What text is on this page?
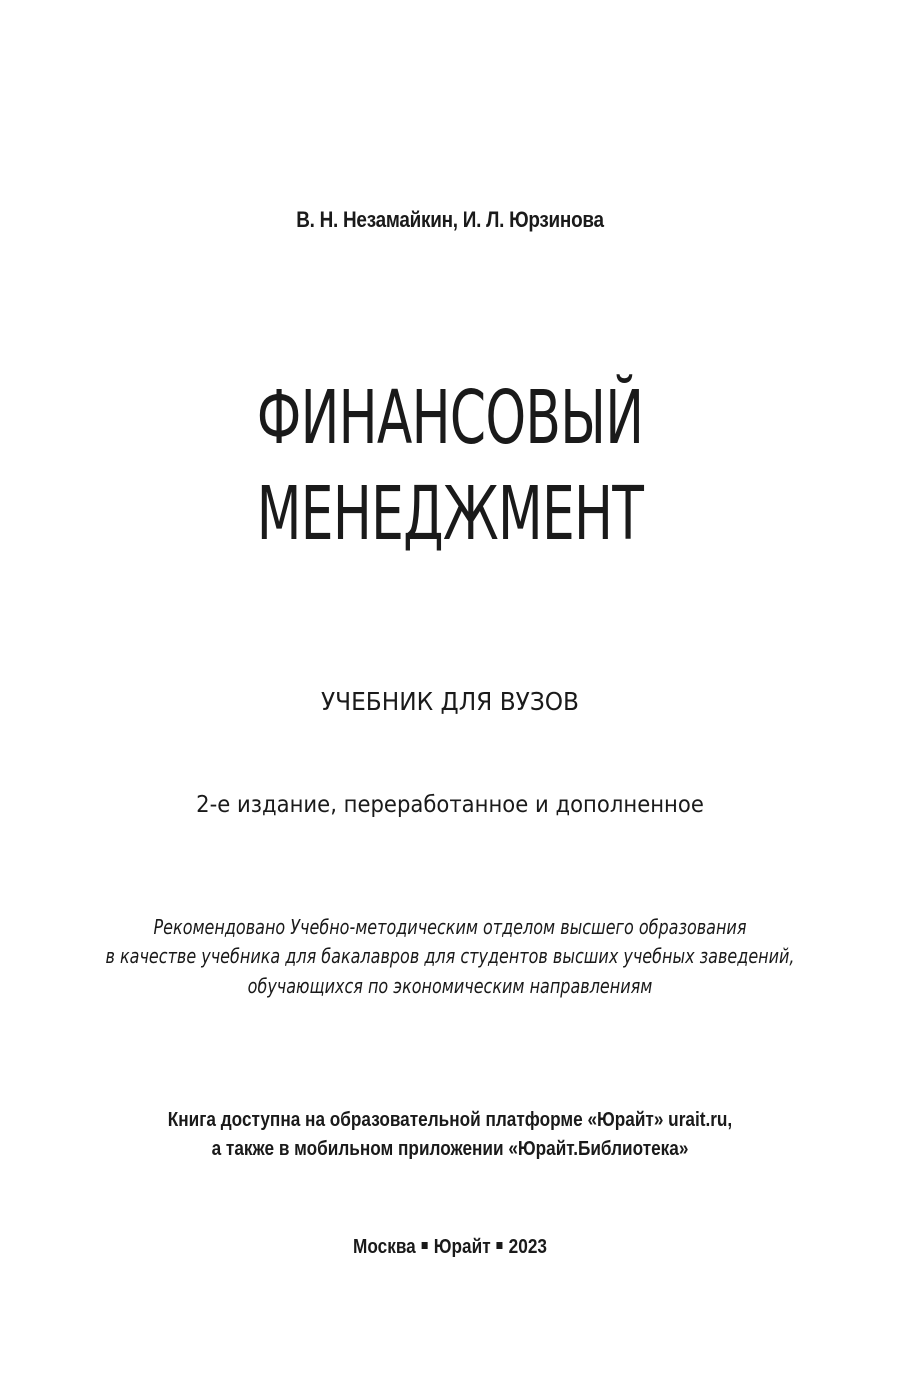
В. Н. Незамайкин, И. Л. Юрзинова
ФИНАНСОВЫЙ
МЕНЕДЖМЕНТ
УЧЕБНИК ДЛЯ ВУЗОВ
2-е издание, переработанное и дополненное
Рекомендовано Учебно-методическим отделом высшего образования
в качестве учебника для бакалавров для студентов высших учебных заведений,
обучающихся по экономическим направлениям
Книга доступна на образовательной платформе «Юрайт» urait.ru,
а также в мобильном приложении «Юрайт.Библиотека»
Москва Юрайт 2023
